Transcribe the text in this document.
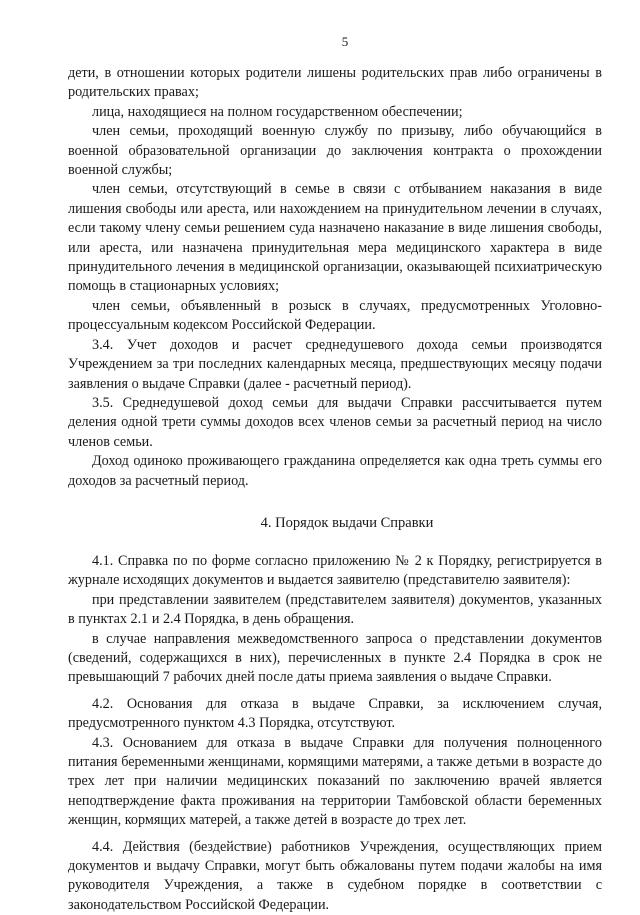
5

дети, в отношении которых родители лишены родительских прав либо ограничены в родительских правах;

лица, находящиеся на полном государственном обеспечении;

член семьи, проходящий военную службу по призыву, либо обучающийся в военной образовательной организации до заключения контракта о прохождении военной службы;

член семьи, отсутствующий в семье в связи с отбыванием наказания в виде лишения свободы или ареста, или нахождением на принудительном лечении в случаях, если такому члену семьи решением суда назначено наказание в виде лишения свободы, или ареста, или назначена принудительная мера медицинского характера в виде принудительного лечения в медицинской организации, оказывающей психиатрическую помощь в стационарных условиях;

член семьи, объявленный в розыск в случаях, предусмотренных Уголовно-процессуальным кодексом Российской Федерации.

3.4. Учет доходов и расчет среднедушевого дохода семьи производятся Учреждением за три последних календарных месяца, предшествующих месяцу подачи заявления о выдаче Справки (далее - расчетный период).

3.5. Среднедушевой доход семьи для выдачи Справки рассчитывается путем деления одной трети суммы доходов всех членов семьи за расчетный период на число членов семьи.

Доход одиноко проживающего гражданина определяется как одна треть суммы его доходов за расчетный период.

4. Порядок выдачи Справки

4.1. Справка по по форме согласно приложению № 2 к Порядку, регистрируется в журнале исходящих документов и выдается заявителю (представителю заявителя):

при представлении заявителем (представителем заявителя) документов, указанных в пунктах 2.1 и 2.4 Порядка, в день обращения.

в случае направления межведомственного запроса о представлении документов (сведений, содержащихся в них), перечисленных в пункте 2.4 Порядка в срок не превышающий 7 рабочих дней после даты приема заявления о выдаче Справки.

4.2. Основания для отказа в выдаче Справки, за исключением случая, предусмотренного пунктом 4.3 Порядка, отсутствуют.

4.3. Основанием для отказа в выдаче Справки для получения полноценного питания беременными женщинами, кормящими матерями, а также детьми в возрасте до трех лет при наличии медицинских показаний по заключению врачей является неподтверждение факта проживания на территории Тамбовской области беременных женщин, кормящих матерей, а также детей в возрасте до трех лет.

4.4. Действия (бездействие) работников Учреждения, осуществляющих прием документов и выдачу Справки, могут быть обжалованы путем подачи жалобы на имя руководителя Учреждения, а также в судебном порядке в соответствии с законодательством Российской Федерации.
